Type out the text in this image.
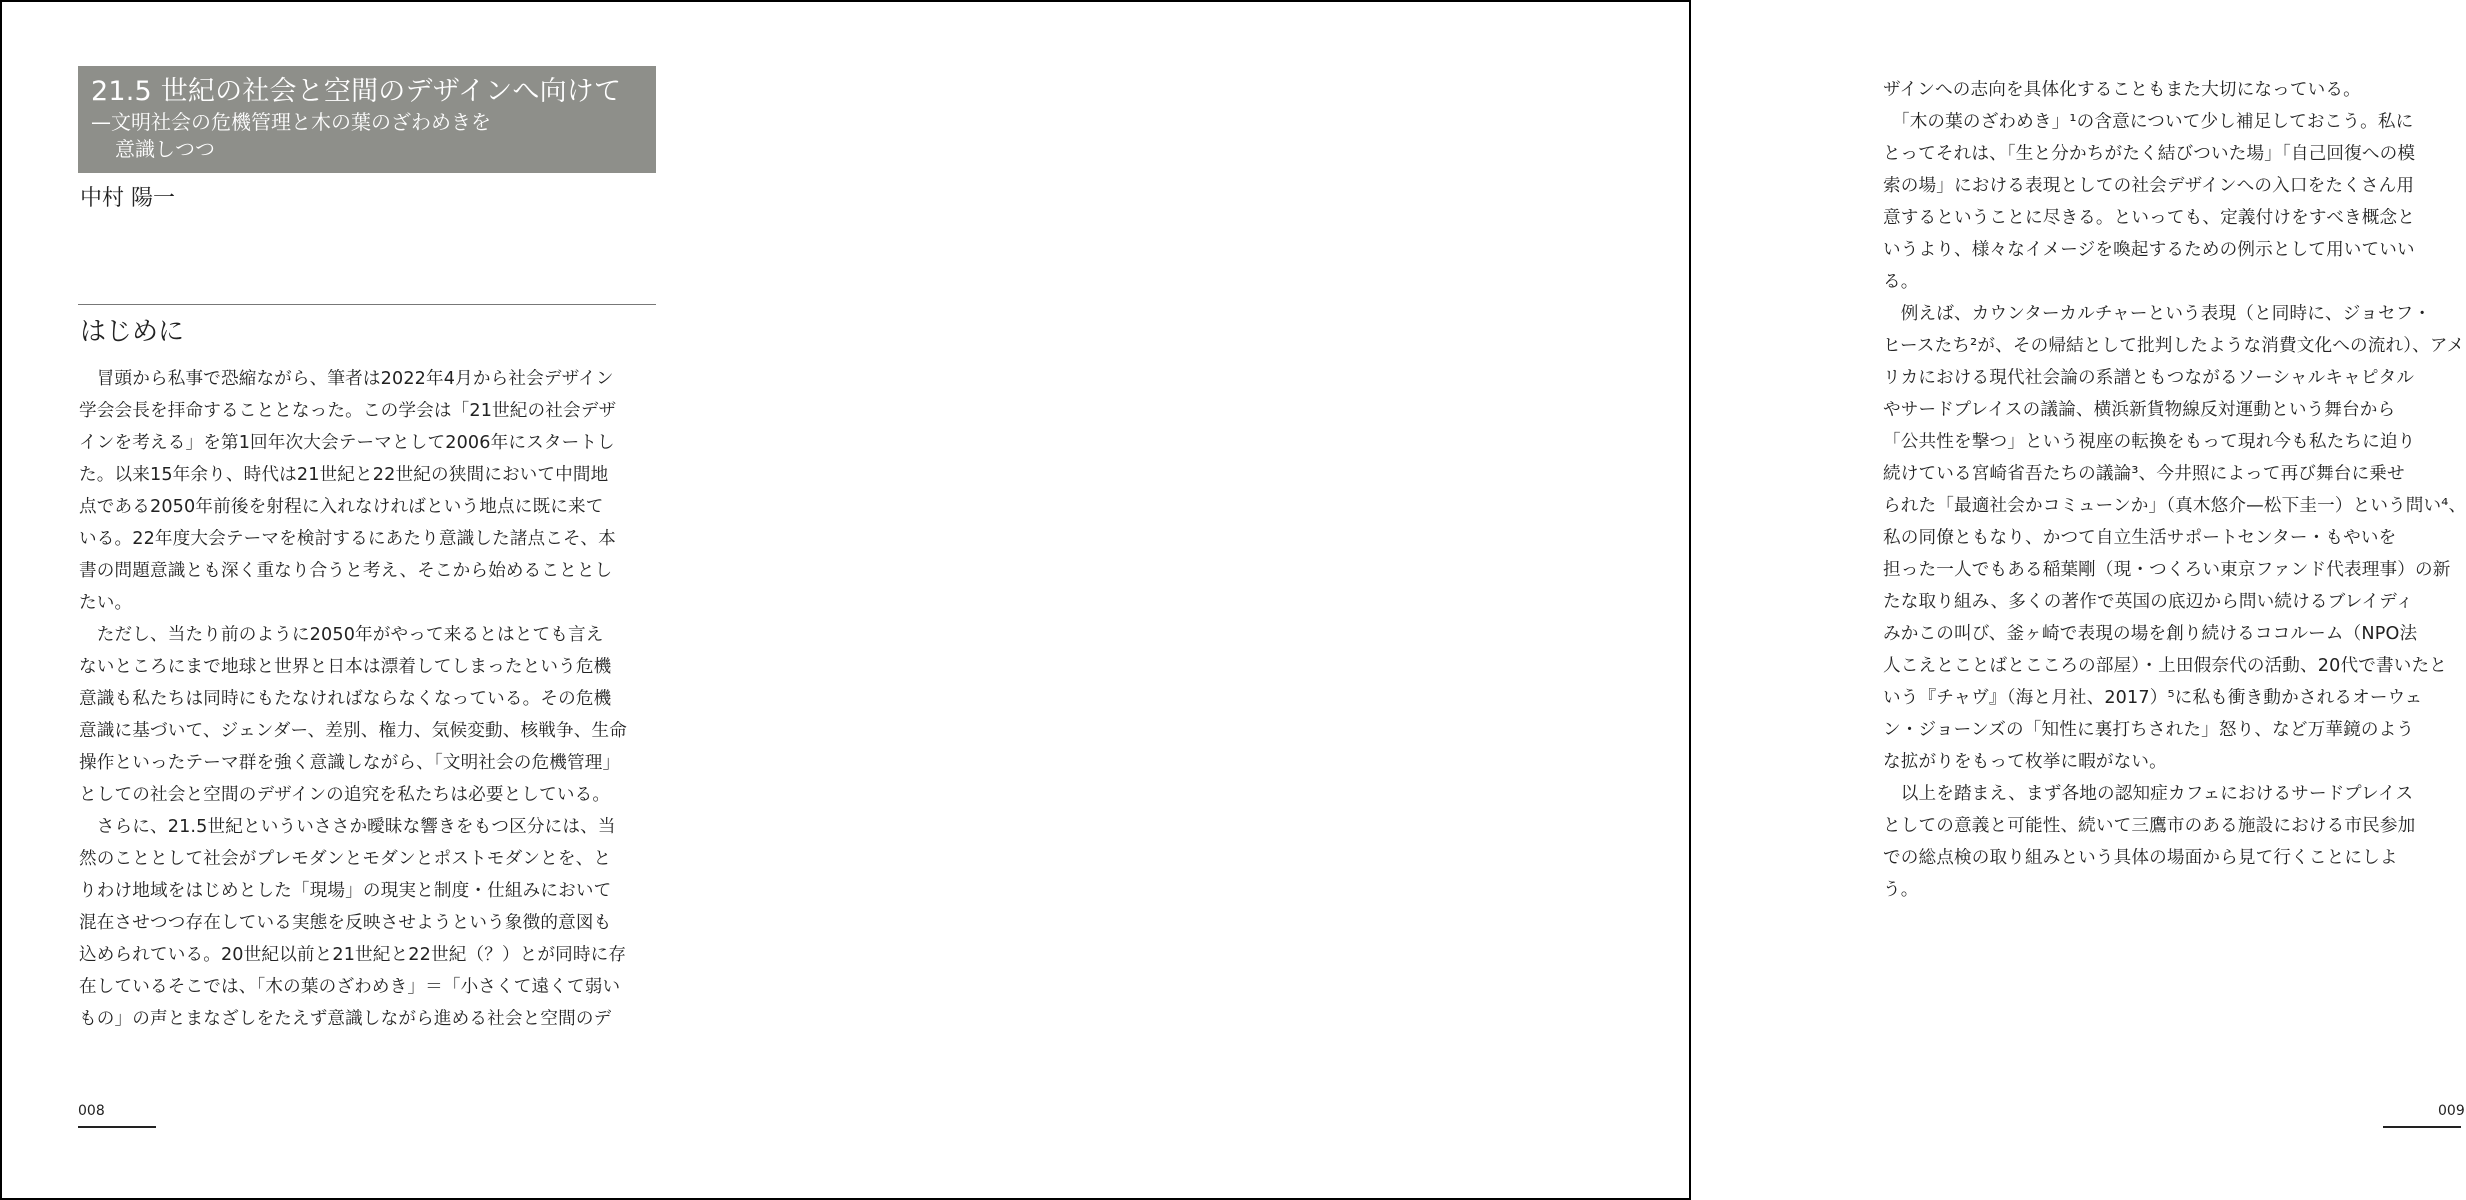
21.5 世紀の社会と空間のデザインへ向けて
—文明社会の危機管理と木の葉のざわめきを
意識しつつ
中村 陽一
はじめに
　冒頭から私事で恐縮ながら、筆者は2022年4月から社会デザイン
学会会長を拝命することとなった。この学会は「21世紀の社会デザ
インを考える」を第1回年次大会テーマとして2006年にスタートし
た。以来15年余り、時代は21世紀と22世紀の狭間において中間地
点である2050年前後を射程に入れなければという地点に既に来て
いる。22年度大会テーマを検討するにあたり意識した諸点こそ、本
書の問題意識とも深く重なり合うと考え、そこから始めることとし
たい。
　ただし、当たり前のように2050年がやって来るとはとても言え
ないところにまで地球と世界と日本は漂着してしまったという危機
意識も私たちは同時にもたなければならなくなっている。その危機
意識に基づいて、ジェンダー、差別、権力、気候変動、核戦争、生命
操作といったテーマ群を強く意識しながら、「文明社会の危機管理」
としての社会と空間のデザインの追究を私たちは必要としている。
　さらに、21.5世紀といういささか曖昧な響きをもつ区分には、当
然のこととして社会がプレモダンとモダンとポストモダンとを、と
りわけ地域をはじめとした「現場」の現実と制度・仕組みにおいて
混在させつつ存在している実態を反映させようという象徴的意図も
込められている。20世紀以前と21世紀と22世紀（？）とが同時に存
在しているそこでは、「木の葉のざわめき」＝「小さくて遠くて弱い
もの」の声とまなざしをたえず意識しながら進める社会と空間のデ
008
ザインへの志向を具体化することもまた大切になっている。
　「木の葉のざわめき」¹の含意について少し補足しておこう。私に
とってそれは、「生と分かちがたく結びついた場」「自己回復への模
索の場」における表現としての社会デザインへの入口をたくさん用
意するということに尽きる。といっても、定義付けをすべき概念と
いうより、様々なイメージを喚起するための例示として用いていい
る。
　例えば、カウンターカルチャーという表現（と同時に、ジョセフ・
ヒースたち²が、その帰結として批判したような消費文化への流れ）、アメ
リカにおける現代社会論の系譜ともつながるソーシャルキャピタル
やサードプレイスの議論、横浜新貨物線反対運動という舞台から
「公共性を撃つ」という視座の転換をもって現れ今も私たちに迫り
続けている宮崎省吾たちの議論³、今井照によって再び舞台に乗せ
られた「最適社会かコミューンか」（真木悠介—松下圭一）という問い⁴、
私の同僚ともなり、かつて自立生活サポートセンター・もやいを
担った一人でもある稲葉剛（現・つくろい東京ファンド代表理事）の新
たな取り組み、多くの著作で英国の底辺から問い続けるブレイディ
みかこの叫び、釜ヶ崎で表現の場を創り続けるココルーム（NPO法
人こえとことばとこころの部屋）・上田假奈代の活動、20代で書いたと
いう『チャヴ』（海と月社、2017）⁵に私も衝き動かされるオーウェ
ン・ジョーンズの「知性に裏打ちされた」怒り、など万華鏡のよう
な拡がりをもって枚挙に暇がない。
　以上を踏まえ、まず各地の認知症カフェにおけるサードプレイス
としての意義と可能性、続いて三鷹市のある施設における市民参加
での総点検の取り組みという具体の場面から見て行くことにしよ
う。
009
